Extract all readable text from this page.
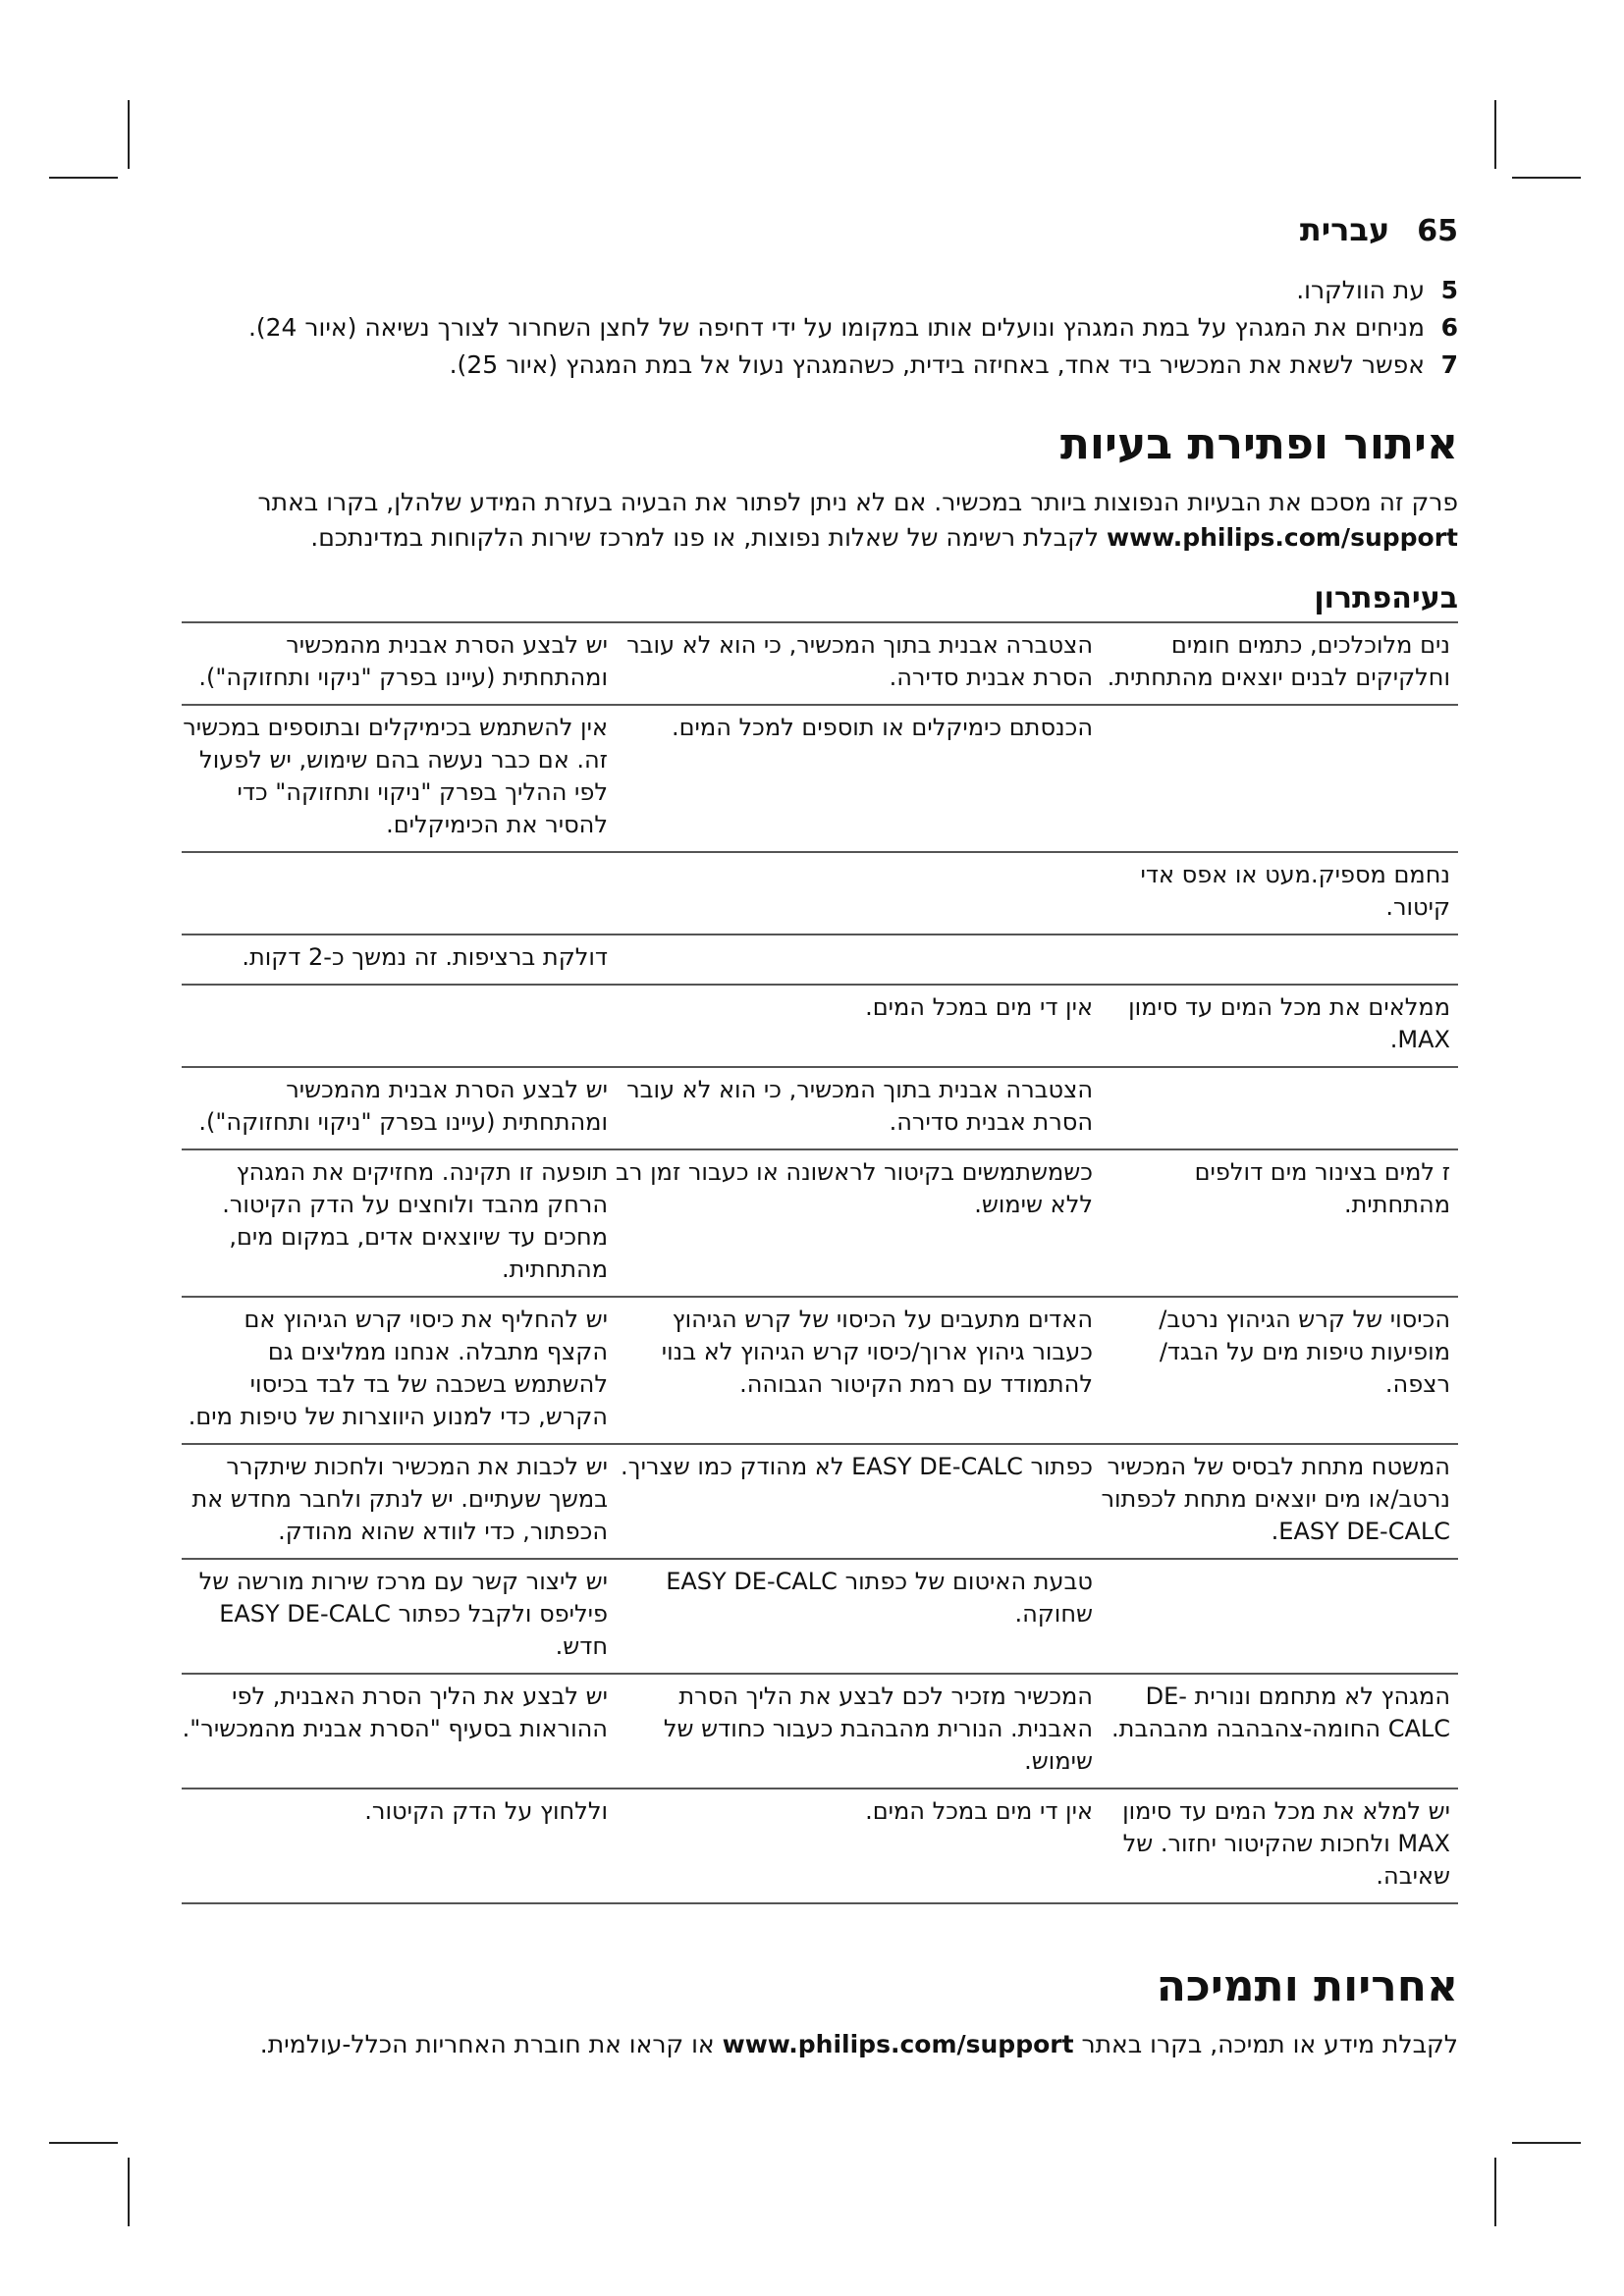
65
עברית
5
עת הוולקרו.
6
מניחים את המגהץ על במת המגהץ ונועלים אותו במקומו על ידי דחיפה של לחצן השחרור לצורך נשיאה (איור 24).
7
אפשר לשאת את המכשיר ביד אחד, באחיזה בידית, כשהמגהץ נעול אל במת המגהץ (איור 25).
איתור ופתירת בעיות

פרק זה מסכם את הבעיות הנפוצות ביותר במכשיר. אם לא ניתן לפתור את הבעיה בעזרת המידע שלהלן, בקרו באתר www.philips.com/support לקבלת רשימה של שאלות נפוצות, או פנו למרכז שירות הלקוחות במדינתכם.

בעיהפתרון
נים מלוכלכים, כתמים חומים וחלקיקים לבנים יוצאים מהתחתית.	הצטברה אבנית בתוך המכשיר, כי הוא לא עובר הסרת אבנית סדירה.	יש לבצע הסרת אבנית מהמכשיר ומהתחתית (עיינו בפרק "ניקוי ותחזוקה").
	הכנסתם כימיקלים או תוספים למכל המים.	אין להשתמש בכימיקלים ובתוספים במכשיר זה. אם כבר נעשה בהם שימוש, יש לפעול לפי ההליך בפרק "ניקוי ותחזוקה" כדי להסיר את הכימיקלים.
נחמם מספיק.מעט או אפס אדי קיטור.		
		דולקת ברציפות. זה נמשך כ-2 דקות.
ממלאים את מכל המים עד סימון MAX.	אין די מים במכל המים.	
	הצטברה אבנית בתוך המכשיר, כי הוא לא עובר הסרת אבנית סדירה.	יש לבצע הסרת אבנית מהמכשיר ומהתחתית (עיינו בפרק "ניקוי ותחזוקה").
ז למים בצינור מים דולפים מהתחתית.	כשמשתמשים בקיטור לראשונה או כעבור זמן רב ללא שימוש.	תופעה זו תקינה. מחזיקים את המגהץ הרחק מהבד ולוחצים על הדק הקיטור. מחכים עד שיוצאים אדים, במקום מים, מהתחתית.
הכיסוי של קרש הגיהוץ נרטב/ מופיעות טיפות מים על הבגד/ רצפה.	האדים מתעבים על הכיסוי של קרש הגיהוץ כעבור גיהוץ ארוך/כיסוי קרש הגיהוץ לא בנוי להתמודד עם רמת הקיטור הגבוהה.	יש להחליף את כיסוי קרש הגיהוץ אם הקצף מתבלה. אנחנו ממליצים גם להשתמש בשכבה של בד לבד בכיסוי הקרש, כדי למנוע היווצרות של טיפות מים.
המשטח מתחת לבסיס של המכשיר נרטב/או מים יוצאים מתחת לכפתור EASY DE-CALC.	כפתור EASY DE-CALC לא מהודק כמו שצריך.	יש לכבות את המכשיר ולחכות שיתקרר במשך שעתיים. יש לנתק ולחבר מחדש את הכפתור, כדי לוודא שהוא מהודק.
	טבעת האיטום של כפתור EASY DE-CALC שחוקה.	יש ליצור קשר עם מרכז שירות מורשה של פיליפס ולקבל כפתור EASY DE-CALC חדש.
המגהץ לא מתחמם ונורית DE-CALC החומה-צהבהבה מהבהבת.	המכשיר מזכיר לכם לבצע את הליך הסרת האבנית. הנורית מהבהבת כעבור כחודש של שימוש.	יש לבצע את הליך הסרת האבנית, לפי ההוראות בסעיף "הסרת אבנית מהמכשיר".
יש למלא את מכל המים עד סימון MAX ולחכות שהקיטור יחזור. של שאיבה.	אין די מים במכל המים.	וללחוץ על הדק הקיטור.
אחריות ותמיכה

לקבלת מידע או תמיכה, בקרו באתר www.philips.com/support או קראו את חוברת האחריות הכלל-עולמית.
